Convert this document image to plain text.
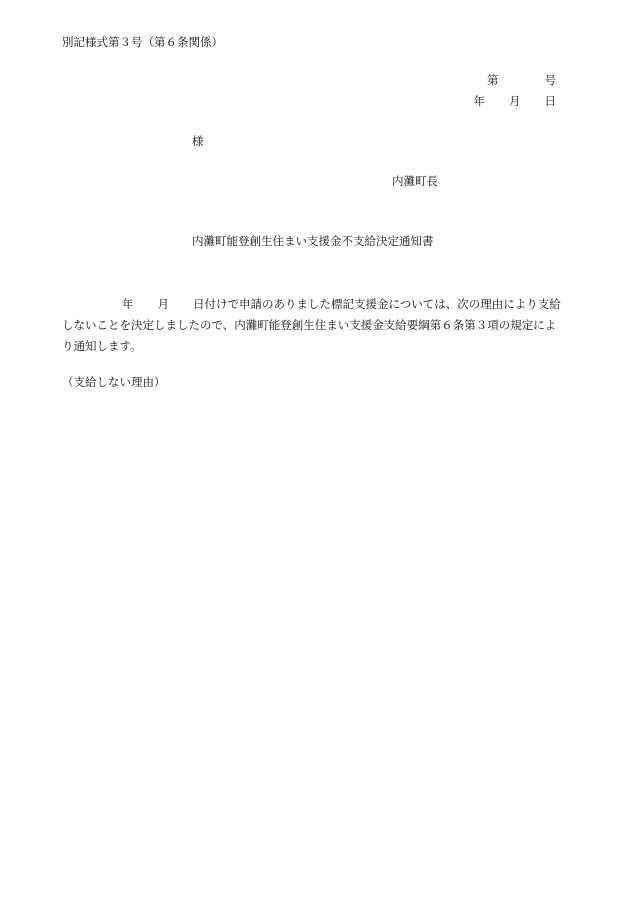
別記様式第３号（第６条関係）
第	号
年 月 日
様
内灘町長
内灘町能登創生住まい支援金不支給決定通知書
年 月 日付けで申請のありました標記支援金については、次の理由により支給
しないことを決定しましたので、内灘町能登創生住まい支援金支給要綱第６条第３項の規定によ
り通知します。
（支給しない理由）
